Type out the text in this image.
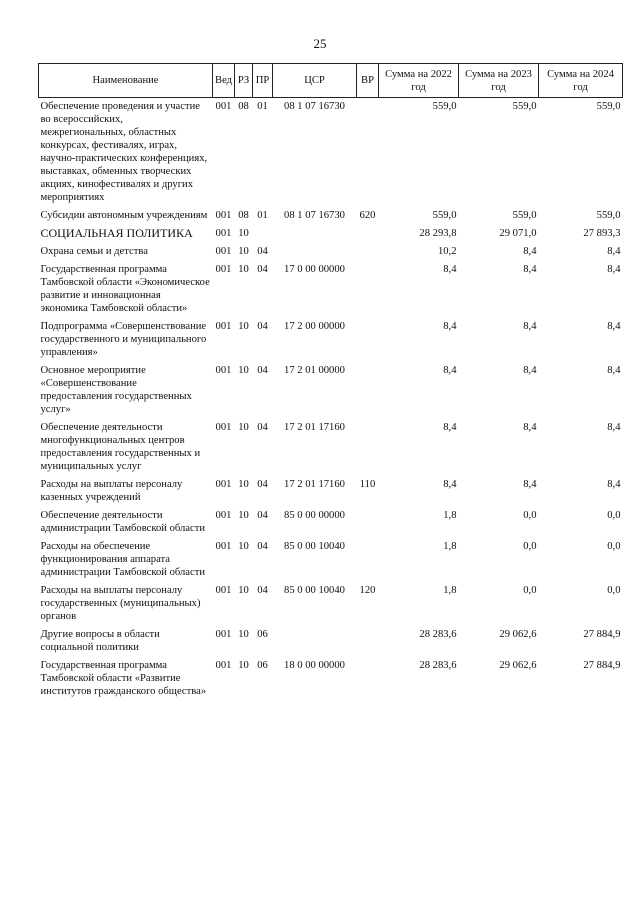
25
Наименование	Вед	РЗ	ПР	ЦСР	ВР	Сумма на 2022 год	Сумма на 2023 год	Сумма на 2024 год
Обеспечение проведения и участие во всероссийских, межрегиональных, областных конкурсах, фестивалях, играх, научно-практических конференциях, выставках, обменных творческих акциях, кинофестивалях и других мероприятиях	001	08	01	08 1 07 16730		559,0	559,0	559,0
Субсидии автономным учреждениям	001	08	01	08 1 07 16730	620	559,0	559,0	559,0
СОЦИАЛЬНАЯ ПОЛИТИКА	001	10				28 293,8	29 071,0	27 893,3
Охрана семьи и детства	001	10	04			10,2	8,4	8,4
Государственная программа Тамбовской области «Экономическое развитие и инновационная экономика Тамбовской области»	001	10	04	17 0 00 00000		8,4	8,4	8,4
Подпрограмма «Совершенствование государственного и муниципального управления»	001	10	04	17 2 00 00000		8,4	8,4	8,4
Основное мероприятие «Совершенствование предоставления государственных услуг»	001	10	04	17 2 01 00000		8,4	8,4	8,4
Обеспечение деятельности многофункциональных центров предоставления государственных и муниципальных услуг	001	10	04	17 2 01 17160		8,4	8,4	8,4
Расходы на выплаты персоналу казенных учреждений	001	10	04	17 2 01 17160	110	8,4	8,4	8,4
Обеспечение деятельности администрации Тамбовской области	001	10	04	85 0 00 00000		1,8	0,0	0,0
Расходы на обеспечение функционирования аппарата администрации Тамбовской области	001	10	04	85 0 00 10040		1,8	0,0	0,0
Расходы на выплаты персоналу государственных (муниципальных) органов	001	10	04	85 0 00 10040	120	1,8	0,0	0,0
Другие вопросы в области социальной политики	001	10	06			28 283,6	29 062,6	27 884,9
Государственная программа Тамбовской области «Развитие институтов гражданского общества»	001	10	06	18 0 00 00000		28 283,6	29 062,6	27 884,9
